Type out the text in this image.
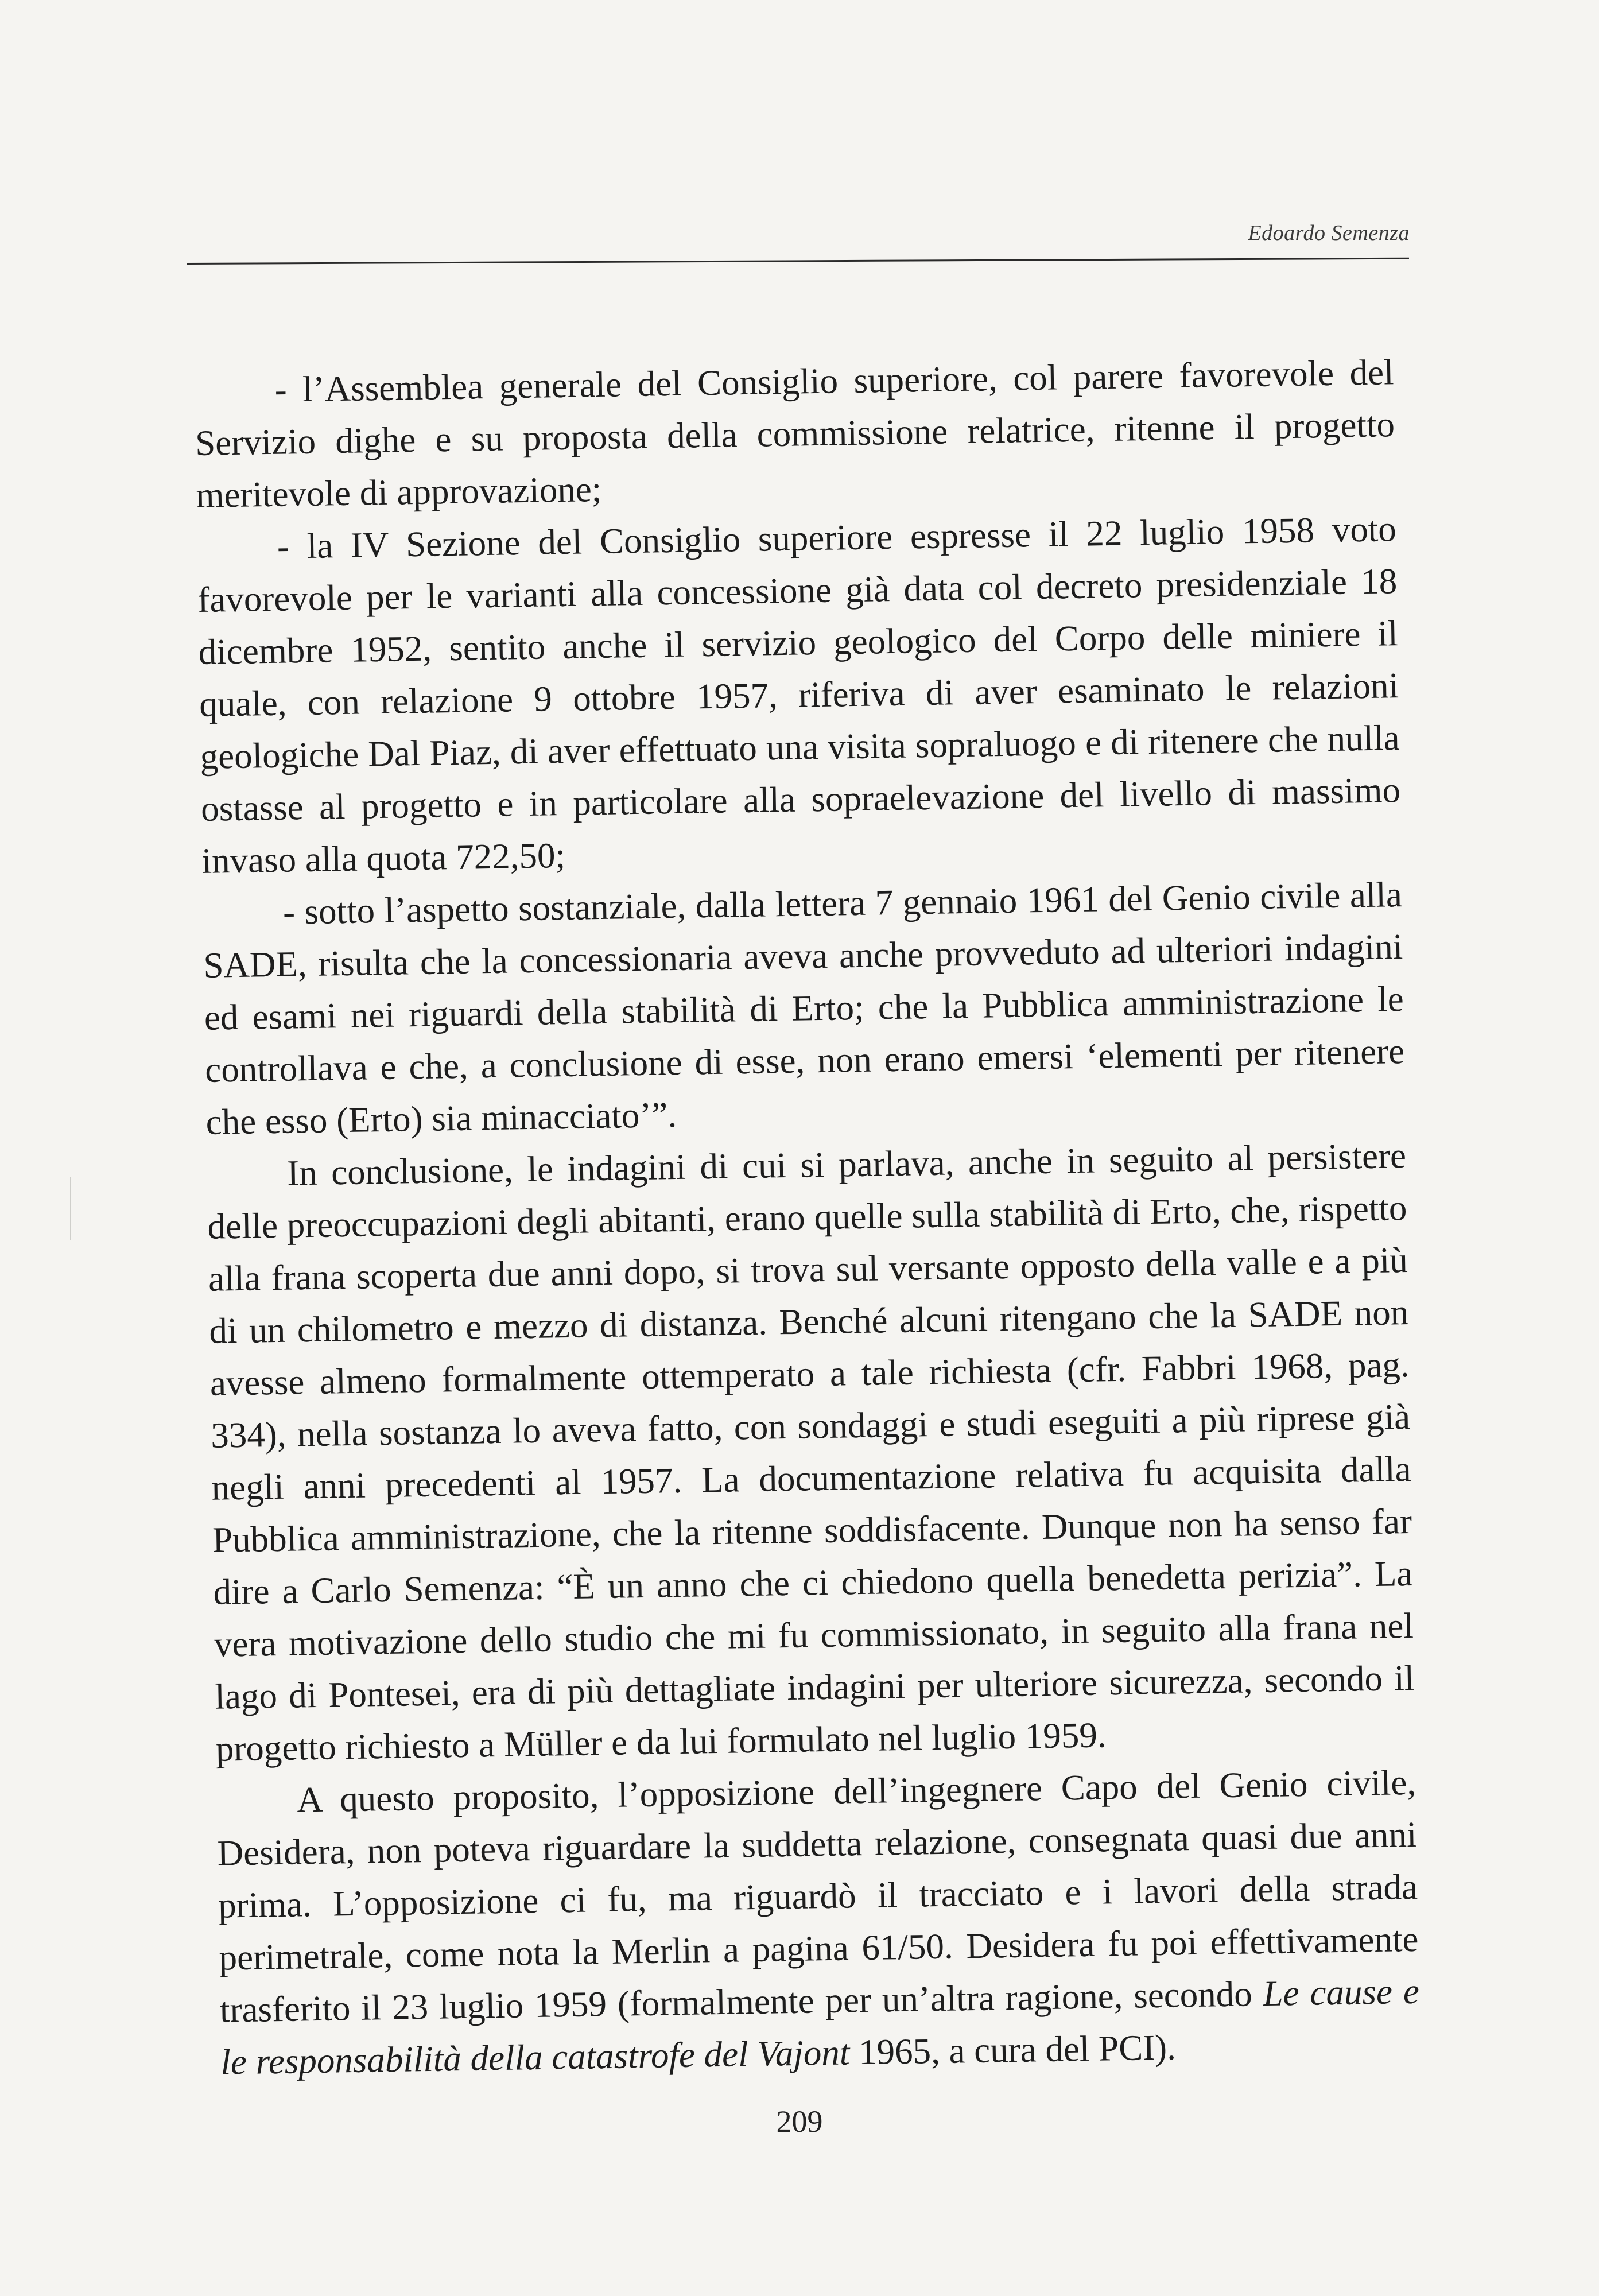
Edoardo Semenza

- l’Assemblea generale del Consiglio superiore, col parere favorevole del Servizio dighe e su proposta della commissione relatrice, ritenne il progetto meritevole di approvazione;

- la IV Sezione del Consiglio superiore espresse il 22 luglio 1958 voto favorevole per le varianti alla concessione già data col decreto presidenziale 18 dicembre 1952, sentito anche il servizio geologico del Corpo delle miniere il quale, con relazione 9 ottobre 1957, riferiva di aver esaminato le relazioni geologiche Dal Piaz, di aver effettuato una visita sopraluogo e di ritenere che nulla ostasse al progetto e in particolare alla sopraelevazione del livello di massimo invaso alla quota 722,50;

- sotto l’aspetto sostanziale, dalla lettera 7 gennaio 1961 del Genio civile alla SADE, risulta che la concessionaria aveva anche provveduto ad ulteriori indagini ed esami nei riguardi della stabilità di Erto; che la Pubblica amministrazione le controllava e che, a conclusione di esse, non erano emersi ‘elementi per ritenere che esso (Erto) sia minacciato’”.

In conclusione, le indagini di cui si parlava, anche in seguito al persistere delle preoccupazioni degli abitanti, erano quelle sulla stabilità di Erto, che, rispetto alla frana scoperta due anni dopo, si trova sul versante opposto della valle e a più di un chilometro e mezzo di distanza. Benché alcuni ritengano che la SADE non avesse almeno formalmente ottemperato a tale richiesta (cfr. Fabbri 1968, pag. 334), nella sostanza lo aveva fatto, con sondaggi e studi eseguiti a più riprese già negli anni precedenti al 1957. La documentazione relativa fu acquisita dalla Pubblica amministrazione, che la ritenne soddisfacente. Dunque non ha senso far dire a Carlo Semenza: “È un anno che ci chiedono quella benedetta perizia”. La vera motivazione dello studio che mi fu commissionato, in seguito alla frana nel lago di Pontesei, era di più dettagliate indagini per ulteriore sicurezza, secondo il progetto richiesto a Müller e da lui formulato nel luglio 1959.

A questo proposito, l’opposizione dell’ingegnere Capo del Genio civile, Desidera, non poteva riguardare la suddetta relazione, consegnata quasi due anni prima. L’opposizione ci fu, ma riguardò il tracciato e i lavori della strada perimetrale, come nota la Merlin a pagina 61/50. Desidera fu poi effettivamente trasferito il 23 luglio 1959 (formalmente per un’altra ragione, secondo Le cause e le responsabilità della catastrofe del Vajont 1965, a cura del PCI).

209
